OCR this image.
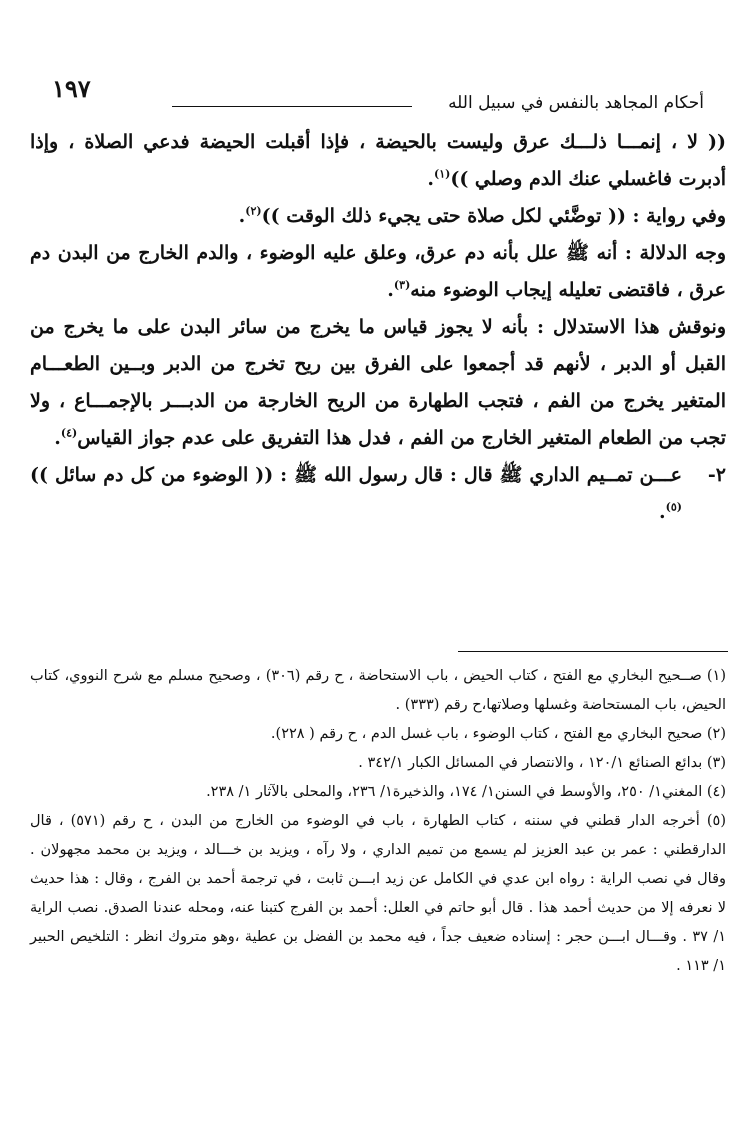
١٩٧	أحكام المجاهد بالنفس في سبيل الله

(( لا ، إنمـــا ذلـــك عرق وليست بالحيضة ، فإذا أقبلت الحيضة فدعي الصلاة ، وإذا أدبرت فاغسلي عنك الدم وصلي ))$^{(١)}$.

وفي رواية : (( توضَّئي لكل صلاة حتى يجيء ذلك الوقت ))$^{(٢)}$.

وجه الدلالة : أنه ﷺ علل بأنه دم عرق، وعلق عليه الوضوء ، والدم الخارج من البدن دم عرق ، فاقتضى تعليله إيجاب الوضوء منه$^{(٣)}$.

ونوقش هذا الاستدلال : بأنه لا يجوز قياس ما يخرج من سائر البدن على ما يخرج من القبل أو الدبر ، لأنهم قد أجمعوا على الفرق بين ريح تخرج من الدبر وبــين الطعـــام المتغير يخرج من الفم ، فتجب الطهارة من الريح الخارجة من الدبـــر بالإجمـــاع ، ولا تجب من الطعام المتغير الخارج من الفم ، فدل هذا التفريق على عدم جواز القياس$^{(٤)}$.

٢-
عـــن تمــيم الداري ﷺ قال : قال رسول الله ﷺ : (( الوضوء من كل دم سائل ))$^{(٥)}$.

(١) صــحيح البخاري مع الفتح ، كتاب الحيض ، باب الاستحاضة ، ح رقم (٣٠٦) ، وصحيح مسلم مع شرح النووي، كتاب الحيض، باب المستحاضة وغسلها وصلاتها،ح رقم (٣٣٣) .

(٢) صحيح البخاري مع الفتح ، كتاب الوضوء ، باب غسل الدم ، ح رقم ( ٢٢٨).

(٣) بدائع الصنائع ١٢٠/١ ، والانتصار في المسائل الكبار ٣٤٢/١ .

(٤) المغني١/ ٢٥٠، والأوسط في السنن١/ ١٧٤، والذخيرة١/ ٢٣٦، والمحلى بالآثار ١/ ٢٣٨.

(٥) أخرجه الدار قطني في سننه ، كتاب الطهارة ، باب في الوضوء من الخارج من البدن ، ح رقم (٥٧١) ، قال الدارقطني : عمر بن عبد العزيز لم يسمع من تميم الداري ، ولا رآه ، ويزيد بن خـــالد ، ويزيد بن محمد مجهولان . وقال في نصب الراية : رواه ابن عدي في الكامل عن زيد ابـــن ثابت ، في ترجمة أحمد بن الفرج ، وقال : هذا حديث لا نعرفه إلا من حديث أحمد هذا . قال أبو حاتم في العلل: أحمد بن الفرج كتبنا عنه، ومحله عندنا الصدق. نصب الراية ١/ ٣٧ . وقـــال ابـــن حجر : إسناده ضعيف جداً ، فيه محمد بن الفضل بن عطية ،وهو متروك انظر : التلخيص الحبير ١/ ١١٣ .
